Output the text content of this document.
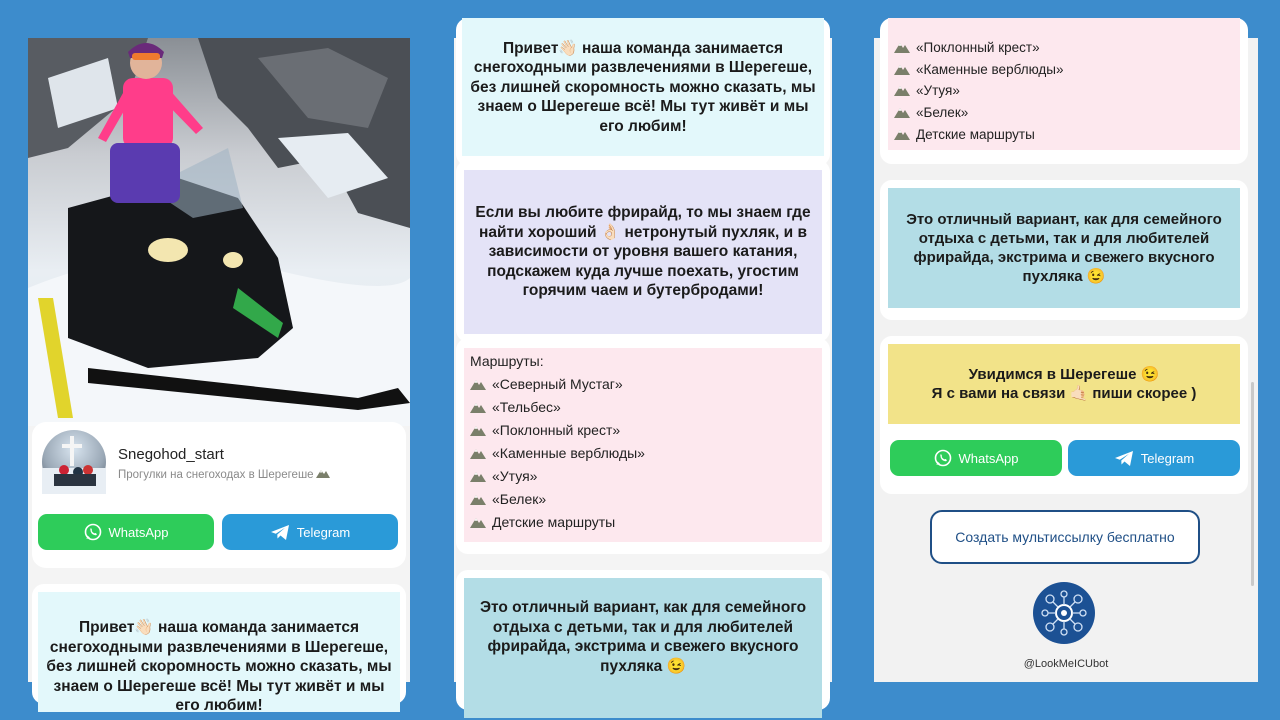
Snegohod_start
Прогулки на снегоходах в Шерегеше
WhatsApp	Telegram
Привет👋🏻 наша команда занимается снегоходными развлечениями в Шерегеше, без лишней скоромность можно сказать, мы знаем о Шерегеше всё! Мы тут живёт и мы его любим!
Привет👋🏻 наша команда занимается снегоходными развлечениями в Шерегеше, без лишней скоромность можно сказать, мы знаем о Шерегеше всё! Мы тут живёт и мы его любим!
Если вы любите фрирайд, то мы знаем где найти хороший 👌🏻 нетронутый пухляк, и в зависимости от уровня вашего катания, подскажем куда лучше поехать, угостим горячим чаем и бутербродами!
Маршруты:
«Северный Мустаг»
«Тельбес»
«Поклонный крест»
«Каменные верблюды»
«Утуя»
«Белек»
Детские маршруты
Это отличный вариант, как для семейного отдыха с детьми, так и для любителей фрирайда, экстрима и свежего вкусного пухляка 😉
«Поклонный крест»
«Каменные верблюды»
«Утуя»
«Белек»
Детские маршруты
Это отличный вариант, как для семейного отдыха с детьми, так и для любителей фрирайда, экстрима и свежего вкусного пухляка 😉
Увидимся в Шерегеше 😉
Я с вами на связи 🤙🏻 пиши скорее )
WhatsApp	Telegram
Создать мультиссылку бесплатно
@LookMeICUbot
